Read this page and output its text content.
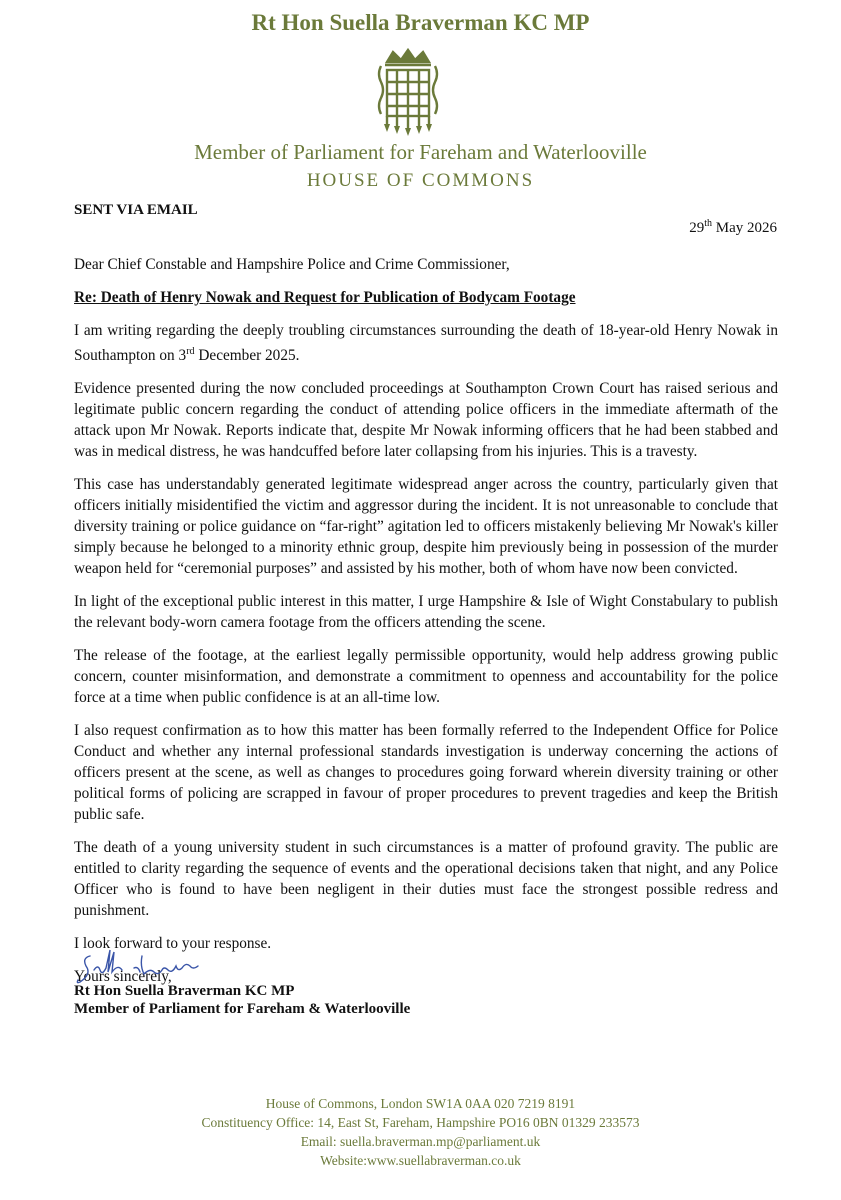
Rt Hon Suella Braverman KC MP
Member of Parliament for Fareham and Waterlooville
HOUSE OF COMMONS
SENT VIA EMAIL
29th May 2026

Dear Chief Constable and Hampshire Police and Crime Commissioner,

Re: Death of Henry Nowak and Request for Publication of Bodycam Footage

I am writing regarding the deeply troubling circumstances surrounding the death of 18-year-old Henry Nowak in Southampton on 3rd December 2025.

Evidence presented during the now concluded proceedings at Southampton Crown Court has raised serious and legitimate public concern regarding the conduct of attending police officers in the immediate aftermath of the attack upon Mr Nowak. Reports indicate that, despite Mr Nowak informing officers that he had been stabbed and was in medical distress, he was handcuffed before later collapsing from his injuries. This is a travesty.

This case has understandably generated legitimate widespread anger across the country, particularly given that officers initially misidentified the victim and aggressor during the incident. It is not unreasonable to conclude that diversity training or police guidance on “far-right” agitation led to officers mistakenly believing Mr Nowak's killer simply because he belonged to a minority ethnic group, despite him previously being in possession of the murder weapon held for “ceremonial purposes” and assisted by his mother, both of whom have now been convicted.

In light of the exceptional public interest in this matter, I urge Hampshire & Isle of Wight Constabulary to publish the relevant body-worn camera footage from the officers attending the scene.

The release of the footage, at the earliest legally permissible opportunity, would help address growing public concern, counter misinformation, and demonstrate a commitment to openness and accountability for the police force at a time when public confidence is at an all-time low.

I also request confirmation as to how this matter has been formally referred to the Independent Office for Police Conduct and whether any internal professional standards investigation is underway concerning the actions of officers present at the scene, as well as changes to procedures going forward wherein diversity training or other political forms of policing are scrapped in favour of proper procedures to prevent tragedies and keep the British public safe.

The death of a young university student in such circumstances is a matter of profound gravity. The public are entitled to clarity regarding the sequence of events and the operational decisions taken that night, and any Police Officer who is found to have been negligent in their duties must face the strongest possible redress and punishment.

I look forward to your response.

Yours sincerely,

Rt Hon Suella Braverman KC MP
Member of Parliament for Fareham & Waterlooville
House of Commons, London SW1A 0AA 020 7219 8191
Constituency Office: 14, East St, Fareham, Hampshire PO16 0BN 01329 233573
Email: suella.braverman.mp@parliament.uk
Website:www.suellabraverman.co.uk
